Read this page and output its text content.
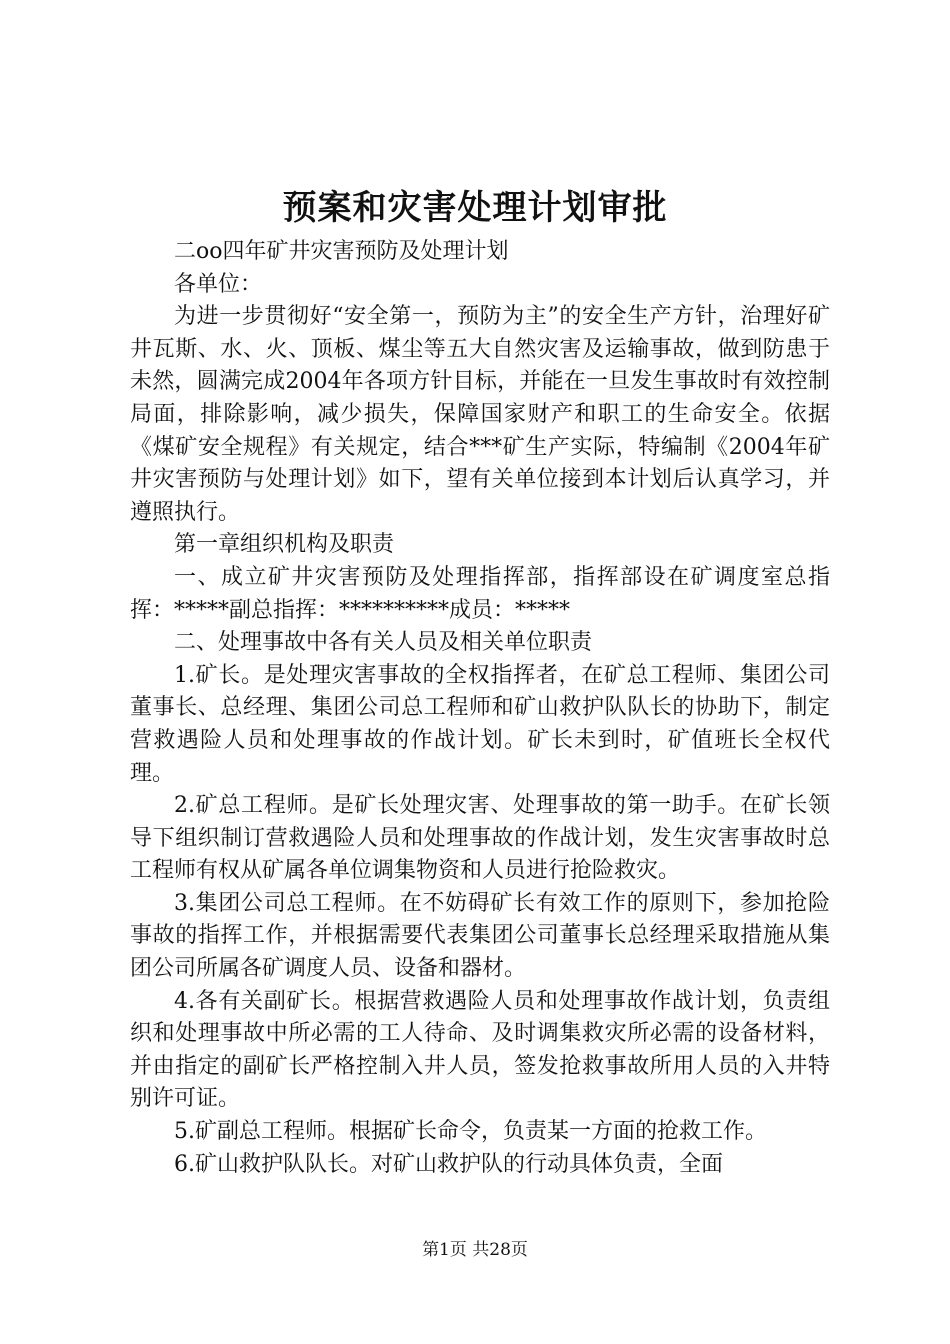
预案和灾害处理计划审批

二oo四年矿井灾害预防及处理计划

各单位：

为进一步贯彻好“安全第一，预防为主”的安全生产方针，治理好矿井瓦斯、水、火、顶板、煤尘等五大自然灾害及运输事故，做到防患于未然，圆满完成2004年各项方针目标，并能在一旦发生事故时有效控制局面，排除影响，减少损失，保障国家财产和职工的生命安全。依据《煤矿安全规程》有关规定，结合***矿生产实际，特编制《2004年矿井灾害预防与处理计划》如下，望有关单位接到本计划后认真学习，并遵照执行。

第一章组织机构及职责

一、成立矿井灾害预防及处理指挥部，指挥部设在矿调度室总指挥：*****副总指挥：**********成员：*****

二、处理事故中各有关人员及相关单位职责

1.矿长。是处理灾害事故的全权指挥者，在矿总工程师、集团公司董事长、总经理、集团公司总工程师和矿山救护队队长的协助下，制定营救遇险人员和处理事故的作战计划。矿长未到时，矿值班长全权代理。

2.矿总工程师。是矿长处理灾害、处理事故的第一助手。在矿长领导下组织制订营救遇险人员和处理事故的作战计划，发生灾害事故时总工程师有权从矿属各单位调集物资和人员进行抢险救灾。

3.集团公司总工程师。在不妨碍矿长有效工作的原则下，参加抢险事故的指挥工作，并根据需要代表集团公司董事长总经理采取措施从集团公司所属各矿调度人员、设备和器材。

4.各有关副矿长。根据营救遇险人员和处理事故作战计划，负责组织和处理事故中所必需的工人待命、及时调集救灾所必需的设备材料，并由指定的副矿长严格控制入井人员，签发抢救事故所用人员的入井特别许可证。

5.矿副总工程师。根据矿长命令，负责某一方面的抢救工作。

6.矿山救护队队长。对矿山救护队的行动具体负责，全面

第1页 共28页
